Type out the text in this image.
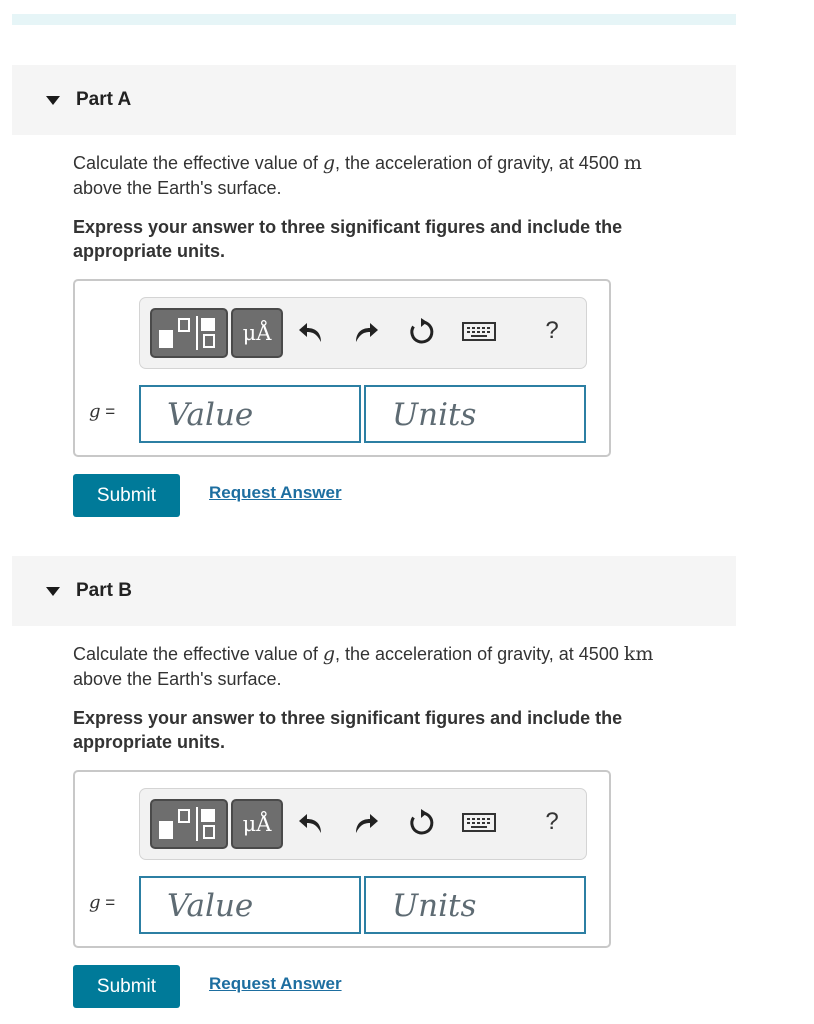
Part A
Calculate the effective value of g, the acceleration of gravity, at 4500 m
above the Earth's surface.
Express your answer to three significant figures and include the appropriate units.
μÅ	?
g = Value	Units
Submit	Request Answer
Part B
Calculate the effective value of g, the acceleration of gravity, at 4500 km
above the Earth's surface.
Express your answer to three significant figures and include the appropriate units.
μÅ	?
g = Value	Units
Submit	Request Answer
